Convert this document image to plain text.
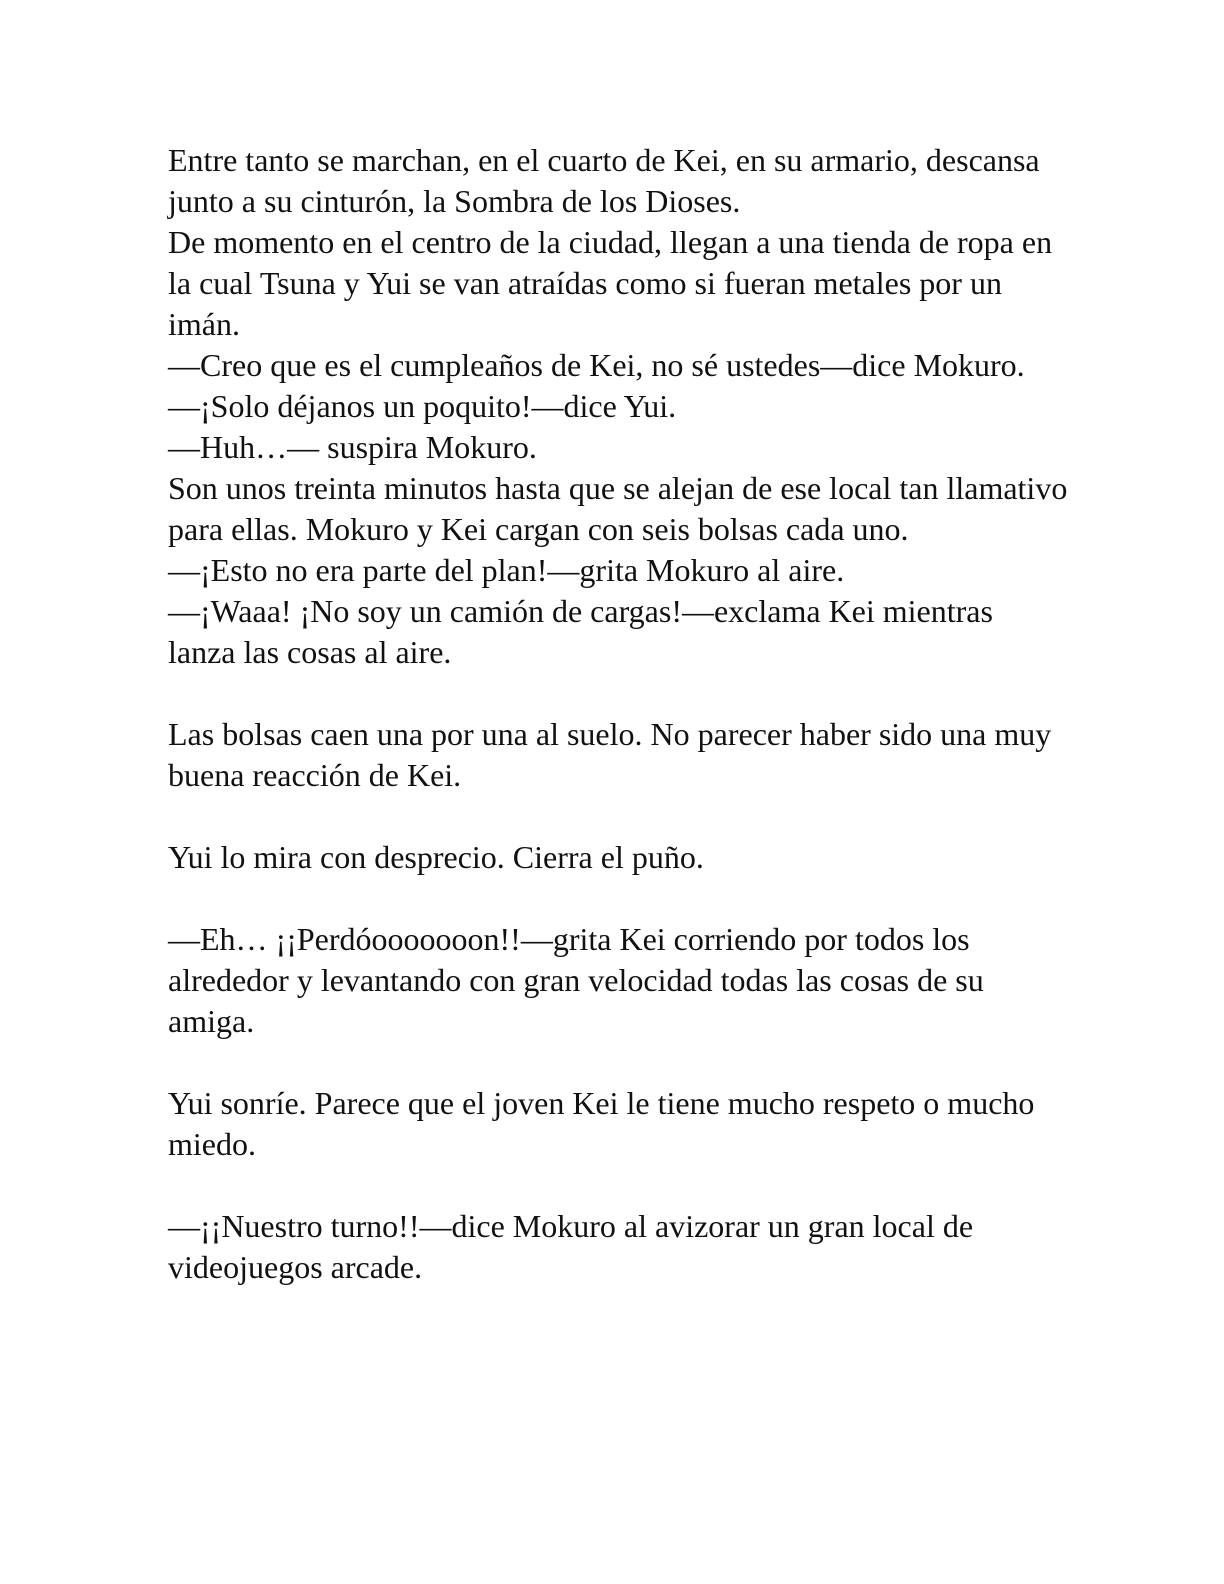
Entre tanto se marchan, en el cuarto de Kei, en su armario, descansa junto a su cinturón, la Sombra de los Dioses.

De momento en el centro de la ciudad, llegan a una tienda de ropa en la cual Tsuna y Yui se van atraídas como si fueran metales por un imán.

—Creo que es el cumpleaños de Kei, no sé ustedes—dice Mokuro.

—¡Solo déjanos un poquito!—dice Yui.

—Huh…— suspira Mokuro.

Son unos treinta minutos hasta que se alejan de ese local tan llamativo para ellas. Mokuro y Kei cargan con seis bolsas cada uno.

—¡Esto no era parte del plan!—grita Mokuro al aire.

—¡Waaa! ¡No soy un camión de cargas!—exclama Kei mientras lanza las cosas al aire.

Las bolsas caen una por una al suelo. No parecer haber sido una muy buena reacción de Kei.

Yui lo mira con desprecio. Cierra el puño.

—Eh… ¡¡Perdóooooooon!!—grita Kei corriendo por todos los alrededor y levantando con gran velocidad todas las cosas de su amiga.

Yui sonríe. Parece que el joven Kei le tiene mucho respeto o mucho miedo.

—¡¡Nuestro turno!!—dice Mokuro al avizorar un gran local de videojuegos arcade.
